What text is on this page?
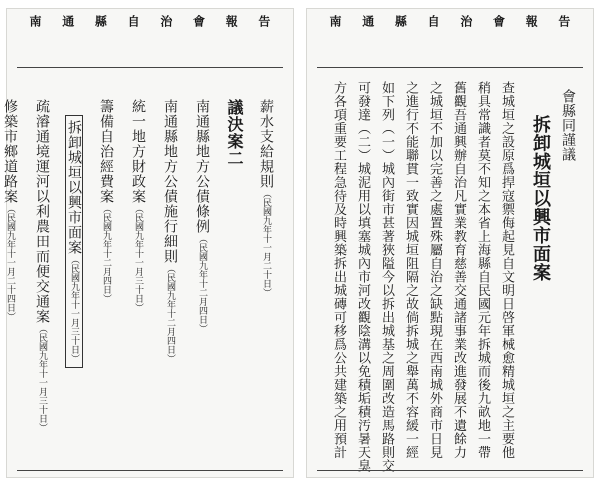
南 通 縣 自 治 會 報 告
薪水支給規則（民國九年十一月二十日）
議決案二
南通縣地方公債條例（民國九年十二月四日）
南通縣地方公債施行細則（民國九年十二月四日）
統一地方財政案（民國九年十一月三十日）
籌備自治經費案（民國九年十二月四日）
拆卸城垣以興市面案（民國九年十一月三十日）
疏濬通境運河以利農田而便交通案（民國九年十一月三十日）
修築市鄉道路案（民國九年十一月二十四日）
南 通 縣 自 治 會 報 告
會縣同謹議
拆卸城垣以興市面案
查城垣之設原爲捍寇禦侮起見自文明日啓軍械愈精城垣之主要他
稍具常識者莫不知之本省上海縣自民國元年拆城而後九畝地一帶
舊觀吾通興辦自治凡實業教育慈善交通諸事業改進發展不遺餘力
之城垣不加以完善之處置殊屬自治之缺點現在西南城外商市日見
之進行不能聯貫一致實因城垣阻隔之故倘拆城之舉萬不容緩一經
如下列（一）城內街市甚著狹隘今以拆出城基之周圍改造馬路則交
可發達（二）城泥用以填塞城內市河改觀陰溝以免積垢積汚暑天臭
方各項重要工程急待及時興築拆出城磚可移爲公共建築之用預計
